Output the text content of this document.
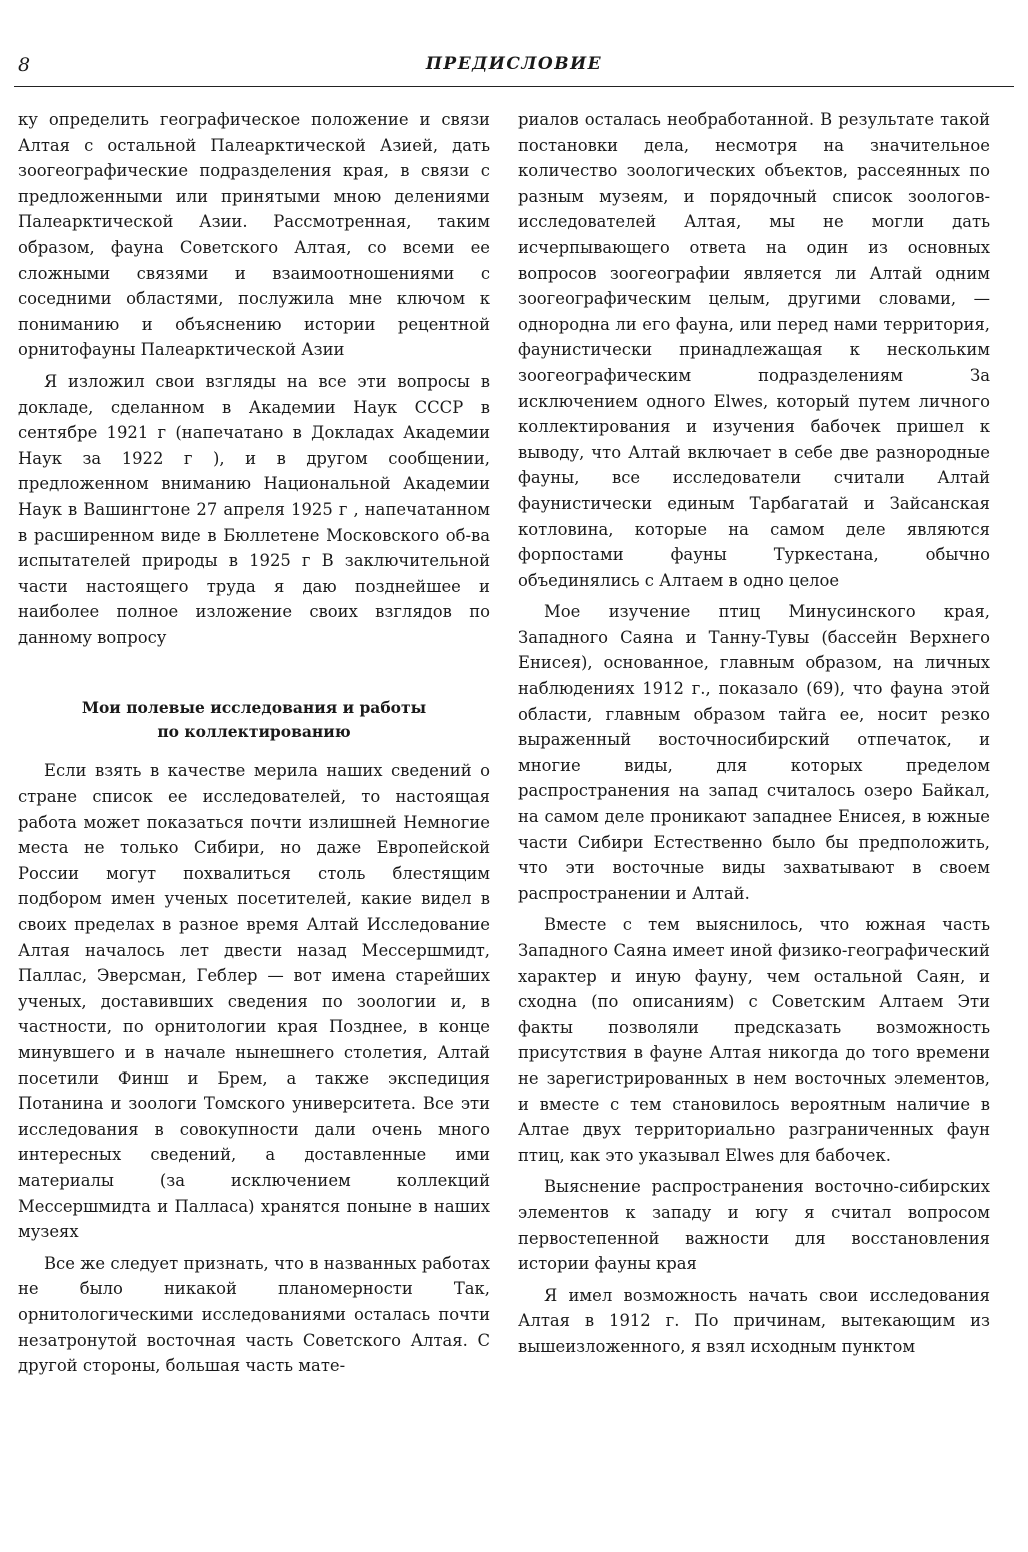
8	ПРЕДИСЛОВИЕ

ку определить географическое положение и связи Алтая с остальной Палеарктической Азией, дать зоогеографические подразделения края, в связи с предложенными или принятыми мною делениями Палеарктической Азии. Рассмотренная, таким образом, фауна Советского Алтая, со всеми ее сложными связями и взаимоотношениями с соседними областями, послужила мне ключом к пониманию и объяснению истории рецентной орнитофауны Палеарктической Азии

Я изложил свои взгляды на все эти вопросы в докладе, сделанном в Академии Наук СССР в сентябре 1921 г (напечатано в Докладах Академии Наук за 1922 г ), и в другом сообщении, предложенном вниманию Национальной Академии Наук в Вашингтоне 27 апреля 1925 г , напечатанном в расширенном виде в Бюллетене Московского об-ва испытателей природы в 1925 г В заключительной части настоящего труда я даю позднейшее и наиболее полное изложение своих взглядов по данному вопросу

Мои полевые исследования и работы
по коллектированию

Если взять в качестве мерила наших сведений о стране список ее исследователей, то настоящая работа может показаться почти излишней Немногие места не только Сибири, но даже Европейской России могут похвалиться столь блестящим подбором имен ученых посетителей, какие видел в своих пределах в разное время Алтай Исследование Алтая началось лет двести назад Мессершмидт, Паллас, Эверсман, Геблер — вот имена старейших ученых, доставивших сведения по зоологии и, в частности, по орнитологии края Позднее, в конце минувшего и в начале нынешнего столетия, Алтай посетили Финш и Брем, а также экспедиция Потанина и зоологи Томского университета. Все эти исследования в совокупности дали очень много интересных сведений, а доставленные ими материалы (за исключением коллекций Мессершмидта и Палласа) хранятся поныне в наших музеях

Все же следует признать, что в названных работах не было никакой планомерности Так, орнитологическими исследованиями осталась почти незатронутой восточная часть Советского Алтая. С другой стороны, большая часть мате-

риалов осталась необработанной. В результате такой постановки дела, несмотря на значительное количество зоологических объектов, рассеянных по разным музеям, и порядочный список зоологов-исследователей Алтая, мы не могли дать исчерпывающего ответа на один из основных вопросов зоогеографии является ли Алтай одним зоогеографическим целым, другими словами, — однородна ли его фауна, или перед нами территория, фаунистически принадлежащая к нескольким зоогеографическим подразделениям За исключением одного Elwes, который путем личного коллектирования и изучения бабочек пришел к выводу, что Алтай включает в себе две разнородные фауны, все исследователи считали Алтай фаунистически единым Тарбагатай и Зайсанская котловина, которые на самом деле являются форпостами фауны Туркестана, обычно объединялись с Алтаем в одно целое

Мое изучение птиц Минусинского края, Западного Саяна и Танну-Тувы (бассейн Верхнего Енисея), основанное, главным образом, на личных наблюдениях 1912 г., показало (69), что фауна этой области, главным образом тайга ее, носит резко выраженный восточносибирский отпечаток, и многие виды, для которых пределом распространения на запад считалось озеро Байкал, на самом деле проникают западнее Енисея, в южные части Сибири Естественно было бы предположить, что эти восточные виды захватывают в своем распространении и Алтай.

Вместе с тем выяснилось, что южная часть Западного Саяна имеет иной физико-географический характер и иную фауну, чем остальной Саян, и сходна (по описаниям) с Советским Алтаем Эти факты позволяли предсказать возможность присутствия в фауне Алтая никогда до того времени не зарегистрированных в нем восточных элементов, и вместе с тем становилось вероятным наличие в Алтае двух территориально разграниченных фаун птиц, как это указывал Elwes для бабочек.

Выяснение распространения восточно-сибирских элементов к западу и югу я считал вопросом первостепенной важности для восстановления истории фауны края

Я имел возможность начать свои исследования Алтая в 1912 г. По причинам, вытекающим из вышеизложенного, я взял исходным пунктом
